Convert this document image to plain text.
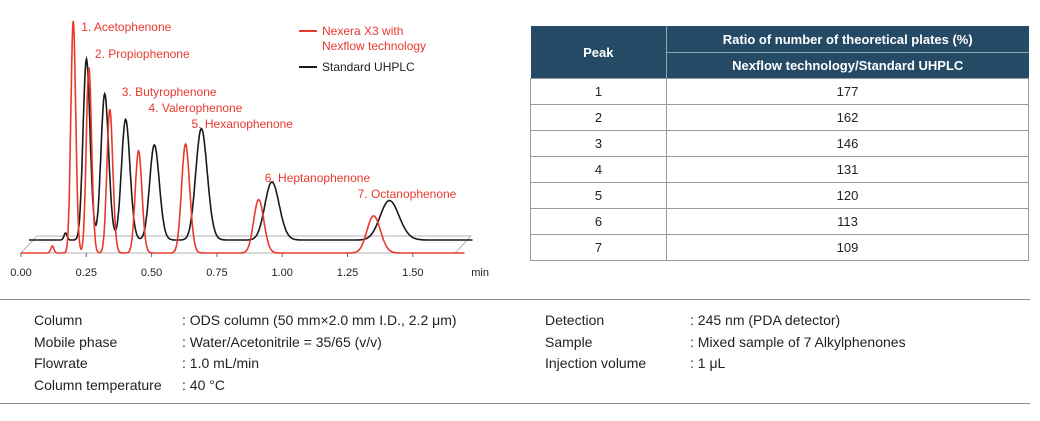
1. Acetophenone
2. Propiophenone
3. Butyrophenone
4. Valerophenone
5. Hexanophenone
6. Heptanophenone
7. Octanophenone
0.00	0.25	0.50	0.75	1.00	1.25	1.50	min
Nexera X3 with
Nexflow technology
Standard UHPLC
Peak	Ratio of number of theoretical plates (%)
	Nexflow technology/Standard UHPLC
1	177
2	162
3	146
4	131
5	120
6	113
7	109
Column	: ODS column (50 mm×2.0 mm I.D., 2.2 μm)
Mobile phase	: Water/Acetonitrile = 35/65 (v/v)
Flowrate	: 1.0 mL/min
Column temperature : 40 °C
Detection	: 245 nm (PDA detector)
Sample	: Mixed sample of 7 Alkylphenones
Injection volume	: 1 μL
